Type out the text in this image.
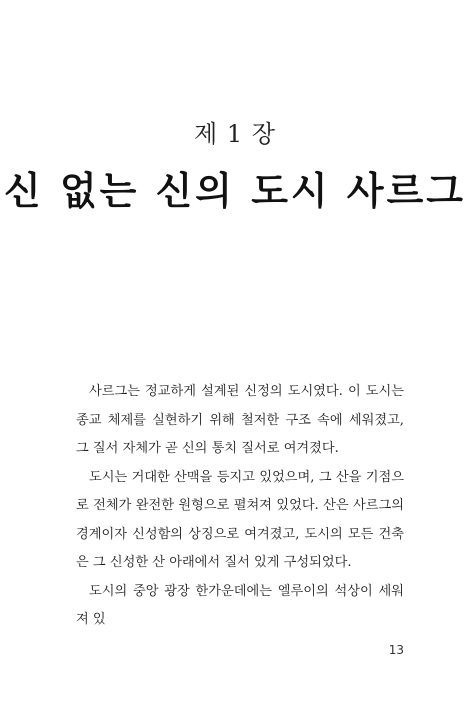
제 1 장
신 없는 신의 도시 사르그

사르그는 정교하게 설계된 신정의 도시였다. 이 도시는 종교 체제를 실현하기 위해 철저한 구조 속에 세워졌고, 그 질서 자체가 곧 신의 통치 질서로 여겨졌다.

도시는 거대한 산맥을 등지고 있었으며, 그 산을 기점으로 전체가 완전한 원형으로 펼쳐져 있었다. 산은 사르그의 경계이자 신성함의 상징으로 여겨졌고, 도시의 모든 건축은 그 신성한 산 아래에서 질서 있게 구성되었다.

도시의 중앙 광장 한가운데에는 엘루이의 석상이 세워져 있

13
